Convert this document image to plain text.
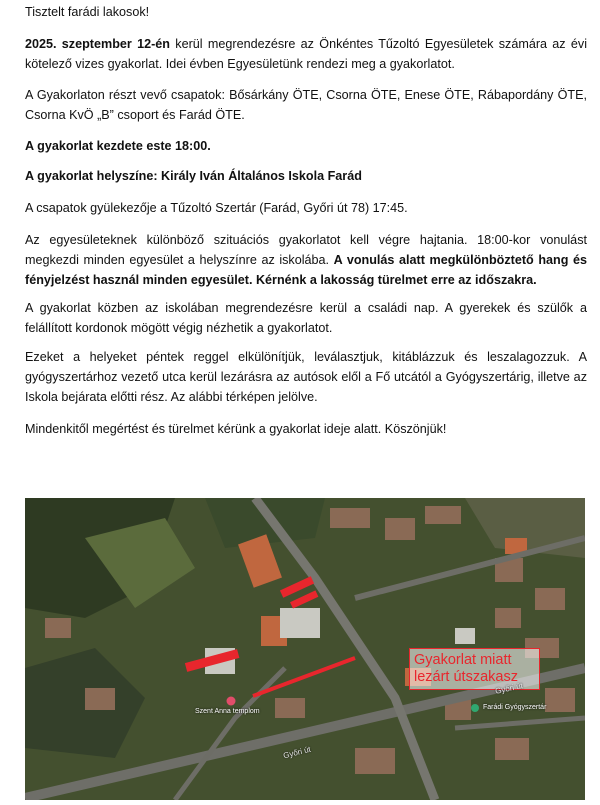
Tisztelt farádi lakosok!

2025. szeptember 12-én kerül megrendezésre az Önkéntes Tűzoltó Egyesületek számára az évi kötelező vizes gyakorlat. Idei évben Egyesületünk rendezi meg a gyakorlatot.

A Gyakorlaton részt vevő csapatok: Bősárkány ÖTE, Csorna ÖTE, Enese ÖTE, Rábapordány ÖTE, Csorna KvÖ „B” csoport és Farád ÖTE.

A gyakorlat kezdete este 18:00.

A gyakorlat helyszíne: Király Iván Általános Iskola Farád

A csapatok gyülekezője a Tűzoltó Szertár (Farád, Győri út 78) 17:45.

Az egyesületeknek különböző szituációs gyakorlatot kell végre hajtania. 18:00-kor vonulást megkezdi minden egyesület a helyszínre az iskolába. A vonulás alatt megkülönböztető hang és fényjelzést használ minden egyesület. Kérnénk a lakosság türelmet erre az időszakra.

A gyakorlat közben az iskolában megrendezésre kerül a családi nap. A gyerekek és szülők a felállított kordonok mögött végig nézhetik a gyakorlatot.

Ezeket a helyeket péntek reggel elkülönítjük, leválasztjuk, kitáblázzuk és leszalagozzuk. A gyógyszertárhoz vezető utca kerül lezárásra az autósok elől a Fő utcától a Gyógyszertárig, illetve az Iskola bejárata előtti rész. Az alábbi térképen jelölve.

Mindenkitől megértést és türelmet kérünk a gyakorlat ideje alatt. Köszönjük!

Gyakorlat miatt
lezárt útszakasz
Szent Anna templom
Farádi Gyógyszertár
Győri út
Győri út
